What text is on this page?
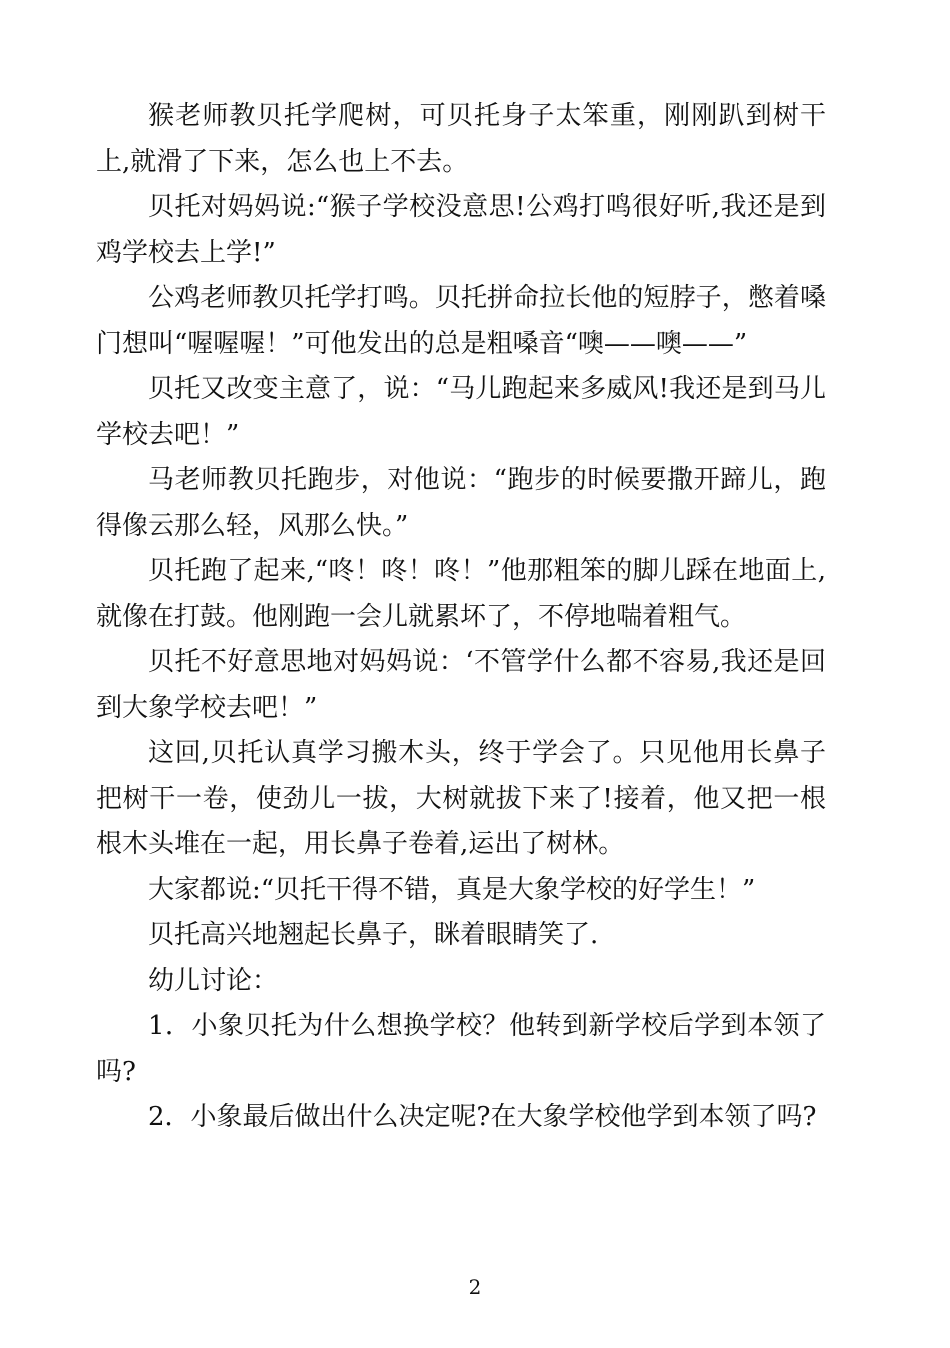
猴老师教贝托学爬树，可贝托身子太笨重，刚刚趴到树干上,就滑了下来，怎么也上不去。

贝托对妈妈说:“猴子学校没意思!公鸡打鸣很好听,我还是到鸡学校去上学!”

公鸡老师教贝托学打鸣。贝托拼命拉长他的短脖子，憋着嗓门想叫“喔喔喔！”可他发出的总是粗嗓音“噢——噢——”

贝托又改变主意了，说：“马儿跑起来多威风!我还是到马儿学校去吧！”

马老师教贝托跑步，对他说：“跑步的时候要撒开蹄儿，跑得像云那么轻，风那么快。”

贝托跑了起来,“咚！咚！咚！”他那粗笨的脚儿踩在地面上,就像在打鼓。他刚跑一会儿就累坏了，不停地喘着粗气。

贝托不好意思地对妈妈说：‘不管学什么都不容易,我还是回到大象学校去吧！”

这回,贝托认真学习搬木头，终于学会了。只见他用长鼻子把树干一卷，使劲儿一拔，大树就拔下来了!接着，他又把一根根木头堆在一起，用长鼻子卷着,运出了树林。

大家都说:“贝托干得不错，真是大象学校的好学生！”

贝托高兴地翘起长鼻子，眯着眼睛笑了.

幼儿讨论：

1．小象贝托为什么想换学校？他转到新学校后学到本领了吗?

2．小象最后做出什么决定呢?在大象学校他学到本领了吗?

2
